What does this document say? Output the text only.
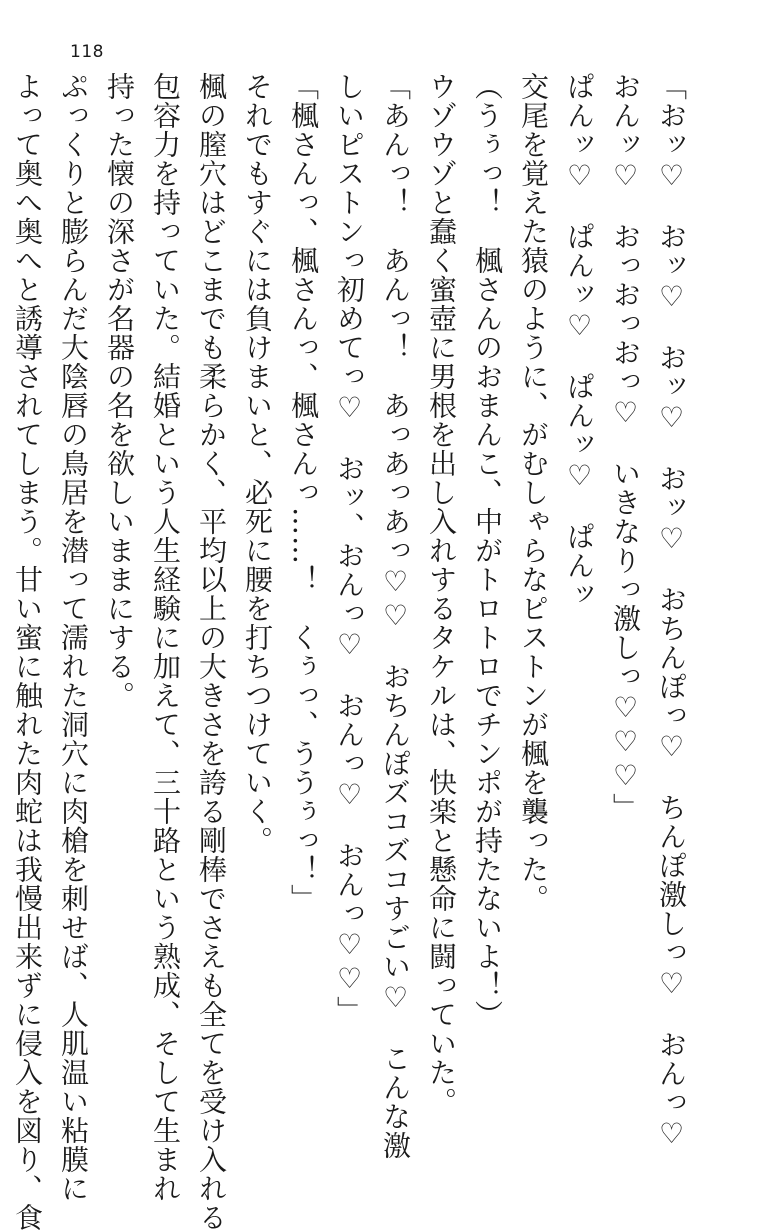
118
「おッ♡　おッ♡　おッ♡　おッ♡　おちんぽっ♡　ちんぽ激しっ♡　おんっ♡
おんッ♡　おっおっおっ♡　いきなりっ激しっ♡♡♡」
ぱんッ♡　ぱんッ♡　ぱんッ♡　ぱんッ
交尾を覚えた猿のように、がむしゃらなピストンが楓を襲った。
（うぅっ！　楓さんのおまんこ、中がトロトロでチンポが持たないよ！）
ウゾウゾと蠢く蜜壺に男根を出し入れするタケルは、快楽と懸命に闘っていた。
「あんっ！　あんっ！　あっあっあっ♡♡　おちんぽズコズコすごい♡　こんな激
しいピストンっ初めてっ♡　おッ、おんっ♡　おんっ♡　おんっ♡♡」
「楓さんっ、楓さんっ、楓さんっ……！　くぅっ、ううぅっ！」
それでもすぐには負けまいと、必死に腰を打ちつけていく。
楓の膣穴はどこまでも柔らかく、平均以上の大きさを誇る剛棒でさえも全てを受け入れる
包容力を持っていた。結婚という人生経験に加えて、三十路という熟成、そして生まれ
持った懐の深さが名器の名を欲しいままにする。
ぷっくりと膨らんだ大陰唇の鳥居を潜って濡れた洞穴に肉槍を刺せば、人肌温い粘膜に
よって奥へ奥へと誘導されてしまう。甘い蜜に触れた肉蛇は我慢出来ずに侵入を図り、食
